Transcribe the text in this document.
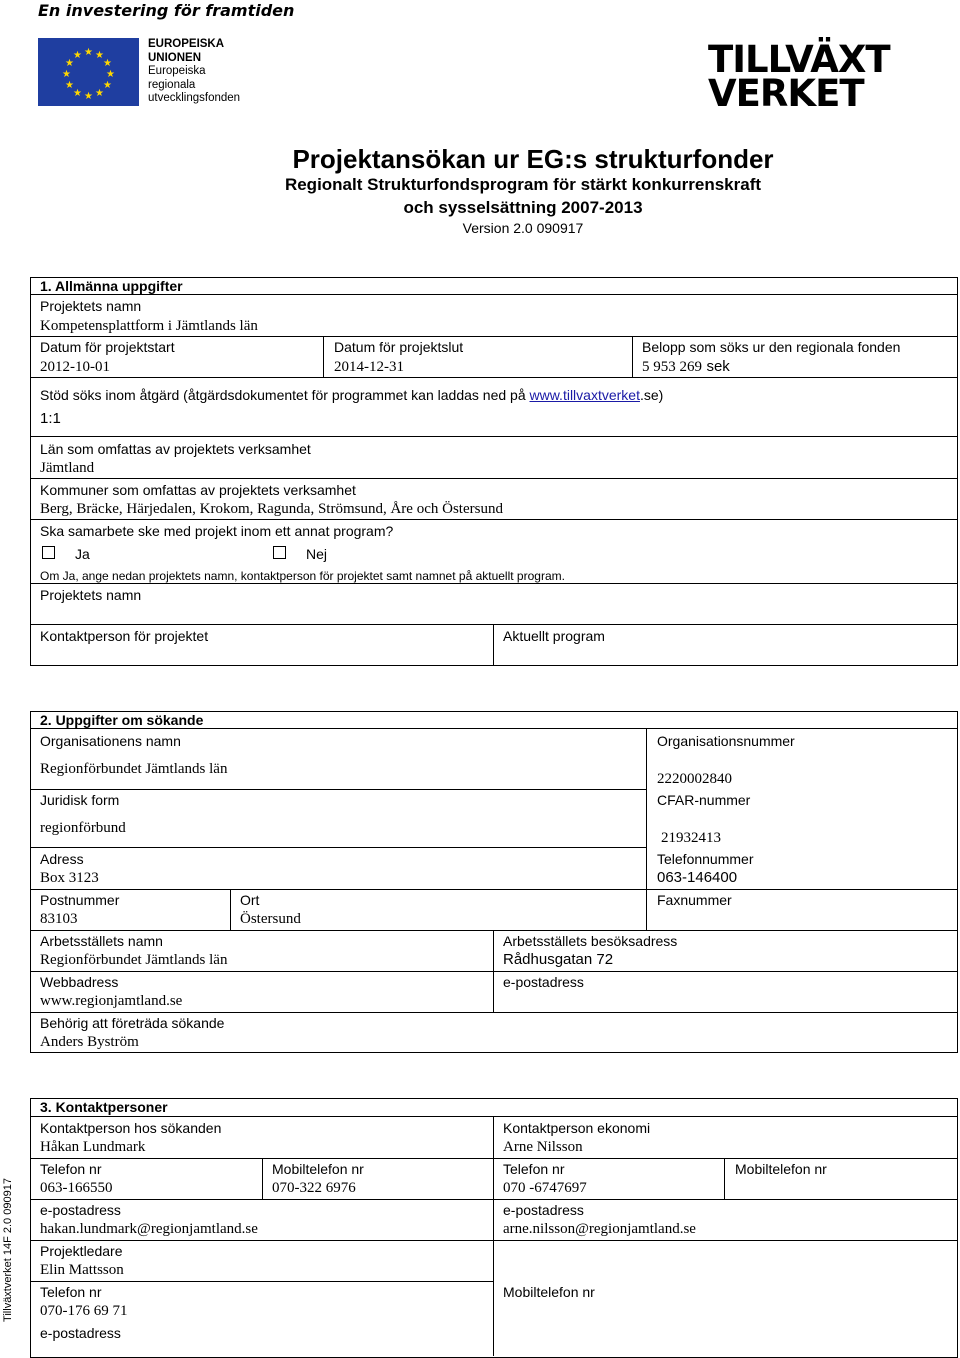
En investering för framtiden
★ ★
★
★
★
★
★
★
★
★
★
★
EUROPEISKA
UNIONEN
Europeiska
regionala
utvecklingsfonden
TILLVÄXT
VERKET
Projektansökan ur EG:s strukturfonder
Regionalt Strukturfondsprogram för stärkt konkurrenskraft
och sysselsättning 2007-2013
Version 2.0 090917
1. Allmänna uppgifter
Projektets namn
Kompetensplattform i Jämtlands län
Datum för projektstart
2012-10-01
Datum för projektslut
2014-12-31
Belopp som söks ur den regionala fonden
5 953 269 sek
Stöd söks inom åtgärd (åtgärdsdokumentet för programmet kan laddas ned på www.tillvaxtverket.se)
1:1
Län som omfattas av projektets verksamhet
Jämtland
Kommuner som omfattas av projektets verksamhet
Berg, Bräcke, Härjedalen, Krokom, Ragunda, Strömsund, Åre och Östersund
Ska samarbete ske med projekt inom ett annat program?
Ja	Nej
Om Ja, ange nedan projektets namn, kontaktperson för projektet samt namnet på aktuellt program.
Projektets namn
Kontaktperson för projektet	Aktuellt program
2. Uppgifter om sökande
Organisationens namn
Regionförbundet Jämtlands län
Organisationsnummer
2220002840
Juridisk form
regionförbund
CFAR-nummer
21932413
Adress
Box 3123
Telefonnummer
063-146400
Postnummer
83103
Ort
Östersund
Faxnummer
Arbetsställets namn
Regionförbundet Jämtlands län
Arbetsställets besöksadress
Rådhusgatan 72
Webbadress
www.regionjamtland.se
e-postadress
Behörig att företräda sökande
Anders Byström
3. Kontaktpersoner
Kontaktperson hos sökanden
Håkan Lundmark
Kontaktperson ekonomi
Arne Nilsson
Telefon nr
063-166550
Mobiltelefon nr
070-322 6976
Telefon nr
070 -6747697
Mobiltelefon nr
e-postadress
hakan.lundmark@regionjamtland.se
e-postadress
arne.nilsson@regionjamtland.se
Projektledare
Elin Mattsson
Telefon nr
070-176 69 71
Mobiltelefon nr
e-postadress
Tillväxtverket 14F 2.0 090917
